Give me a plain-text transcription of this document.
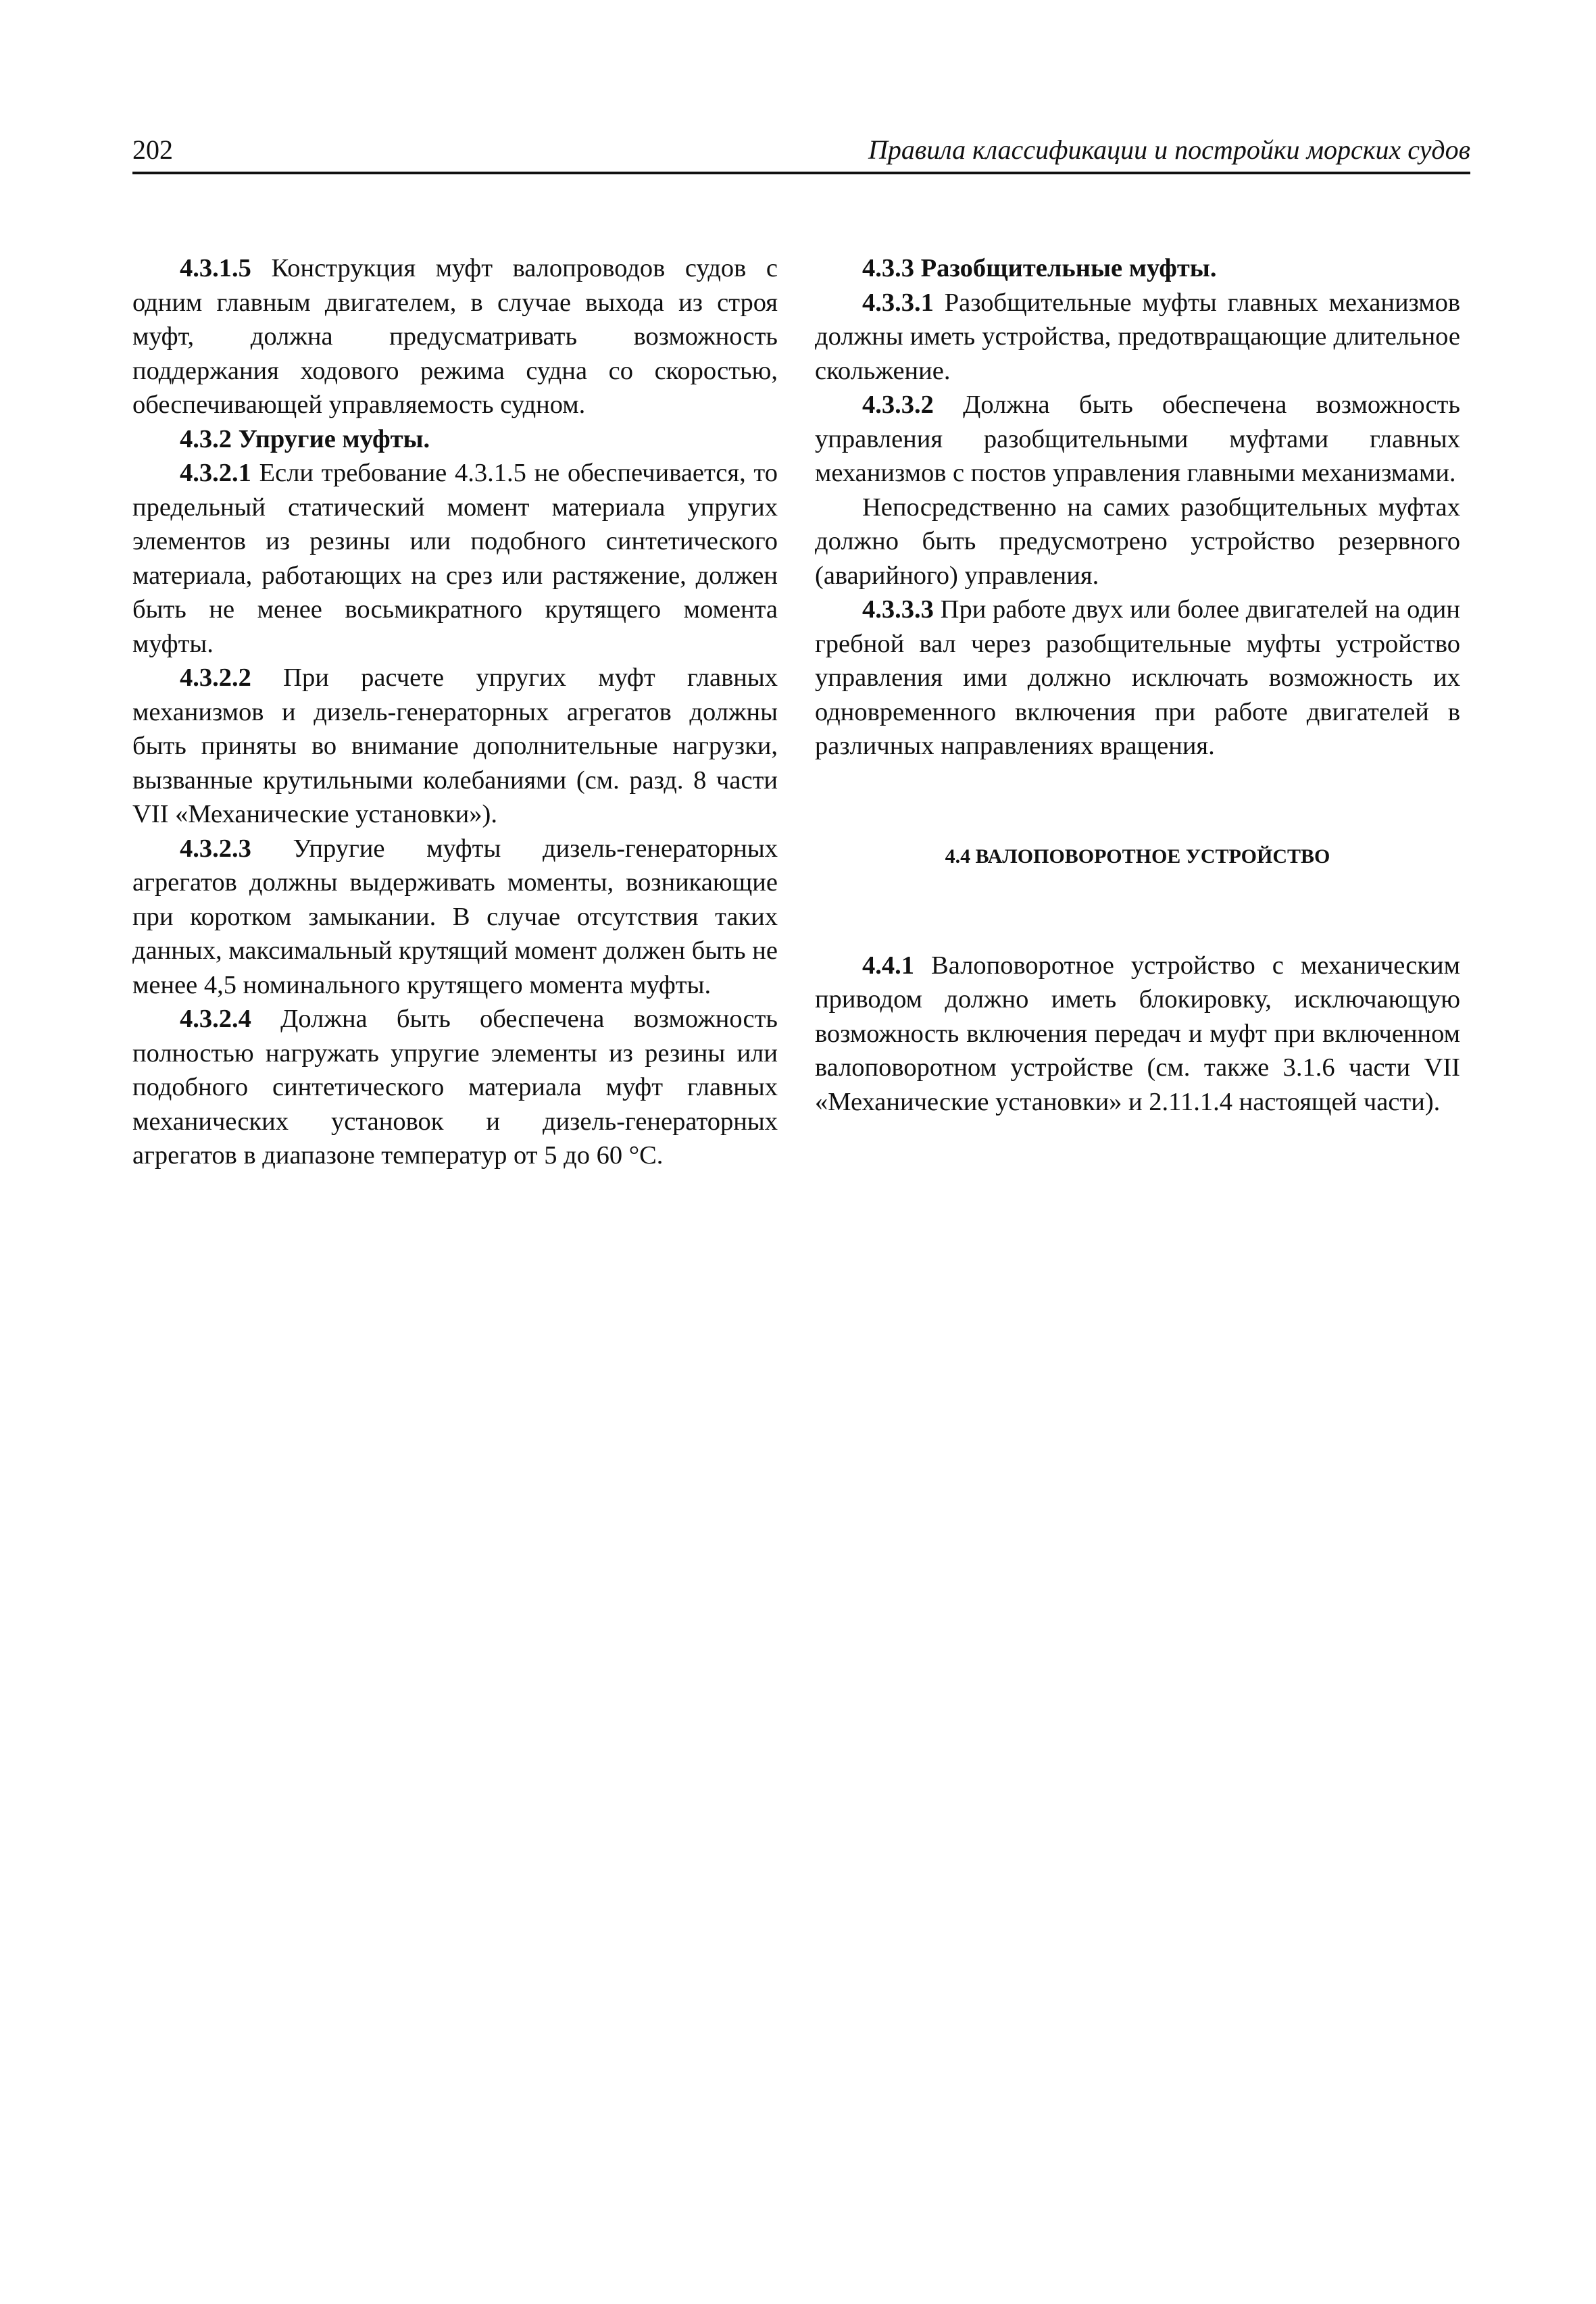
202	Правила классификации и постройки морских судов

4.3.1.5 Конструкция муфт валопроводов судов с одним главным двигателем, в случае выхода из строя муфт, должна предусматривать возможность поддержания ходового режима судна со скоростью, обеспечивающей управляемость судном.

4.3.2 Упругие муфты.

4.3.2.1 Если требование 4.3.1.5 не обеспечивается, то предельный статический момент материала упругих элементов из резины или подобного синтетического материала, работающих на срез или растяжение, должен быть не менее восьмикратного крутящего момента муфты.

4.3.2.2 При расчете упругих муфт главных механизмов и дизель-генераторных агрегатов должны быть приняты во внимание дополнительные нагрузки, вызванные крутильными колебаниями (см. разд. 8 части VII «Механические установки»).

4.3.2.3 Упругие муфты дизель-генераторных агрегатов должны выдерживать моменты, возникающие при коротком замыкании. В случае отсутствия таких данных, максимальный крутящий момент должен быть не менее 4,5 номинального крутящего момента муфты.

4.3.2.4 Должна быть обеспечена возможность полностью нагружать упругие элементы из резины или подобного синтетического материала муфт главных механических установок и дизель-генераторных агрегатов в диапазоне температур от 5 до 60 °С.

4.3.3 Разобщительные муфты.

4.3.3.1 Разобщительные муфты главных механизмов должны иметь устройства, предотвращающие длительное скольжение.

4.3.3.2 Должна быть обеспечена возможность управления разобщительными муфтами главных механизмов с постов управления главными механизмами.

Непосредственно на самих разобщительных муфтах должно быть предусмотрено устройство резервного (аварийного) управления.

4.3.3.3 При работе двух или более двигателей на один гребной вал через разобщительные муфты устройство управления ими должно исключать возможность их одновременного включения при работе двигателей в различных направлениях вращения.

4.4 ВАЛОПОВОРОТНОЕ УСТРОЙСТВО

4.4.1 Валоповоротное устройство с механическим приводом должно иметь блокировку, исключающую возможность включения передач и муфт при включенном валоповоротном устройстве (см. также 3.1.6 части VII «Механические установки» и 2.11.1.4 настоящей части).
